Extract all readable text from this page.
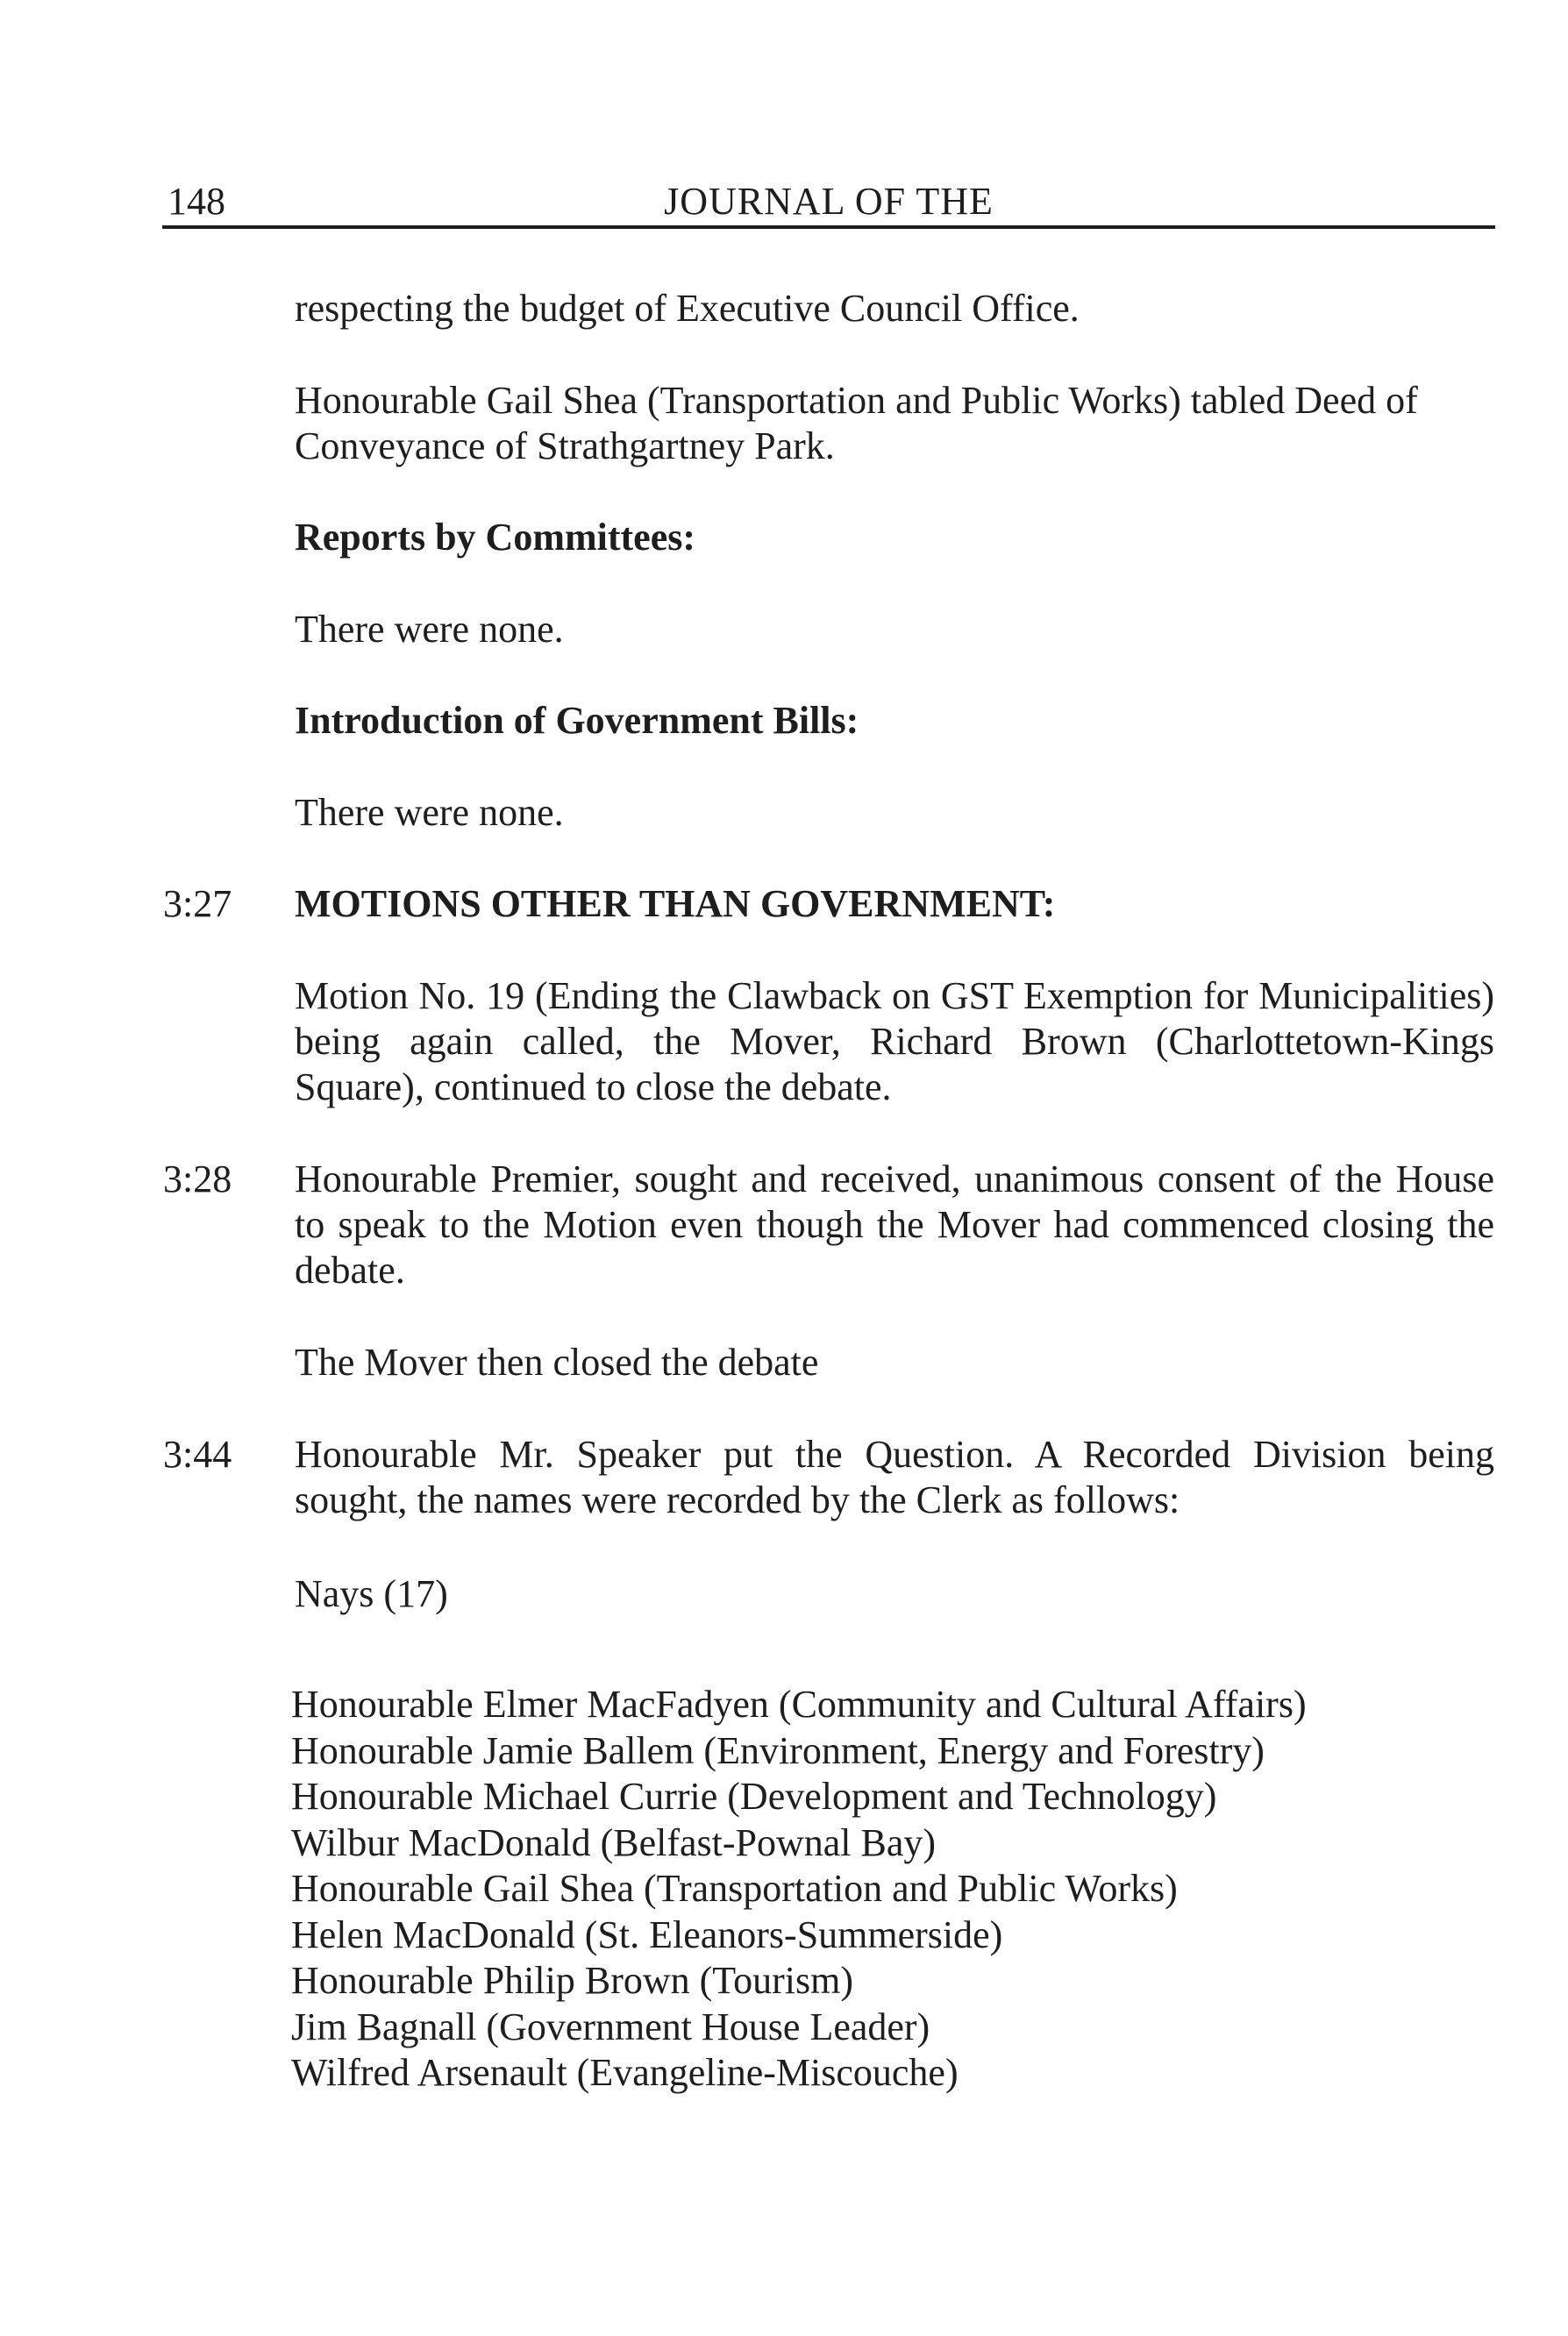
148	JOURNAL OF THE

respecting the budget of Executive Council Office.

Honourable Gail Shea (Transportation and Public Works) tabled Deed of Conveyance of Strathgartney Park.

Reports by Committees:
There were none.
Introduction of Government Bills:
There were none.
3:27 MOTIONS OTHER THAN GOVERNMENT:

Motion No. 19 (Ending the Clawback on GST Exemption for Municipalities) being again called, the Mover, Richard Brown (Charlottetown-Kings Square), continued to close the debate.

3:28 Honourable Premier, sought and received, unanimous consent of the House to speak to the Motion even though the Mover had commenced closing the debate.

The Mover then closed the debate
3:44 Honourable Mr. Speaker put the Question. A Recorded Division being sought, the names were recorded by the Clerk as follows:

Nays (17)
Honourable Elmer MacFadyen (Community and Cultural Affairs)
Honourable Jamie Ballem (Environment, Energy and Forestry)
Honourable Michael Currie (Development and Technology)
Wilbur MacDonald (Belfast-Pownal Bay)
Honourable Gail Shea (Transportation and Public Works)
Helen MacDonald (St. Eleanors-Summerside)
Honourable Philip Brown (Tourism)
Jim Bagnall (Government House Leader)
Wilfred Arsenault (Evangeline-Miscouche)
